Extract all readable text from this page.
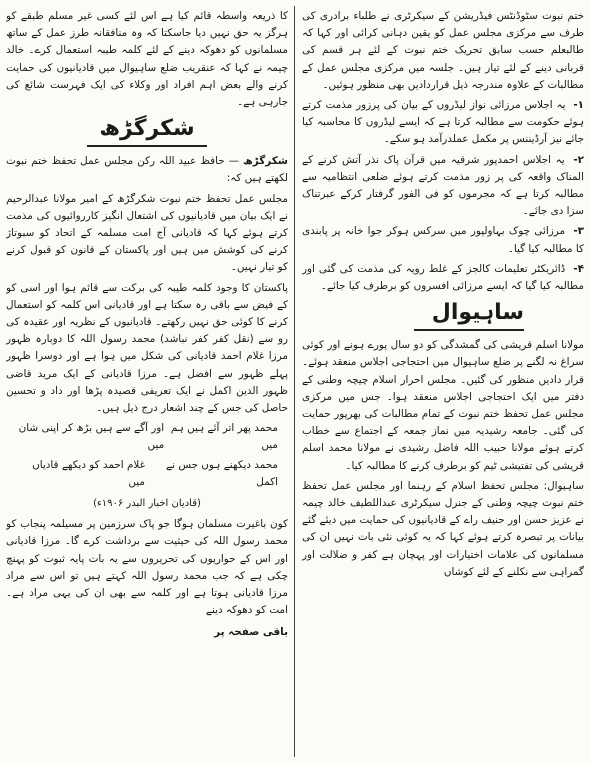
ختم نبوت سٹوڈنٹس فیڈریشن کے سیکرٹری نے طلباء برادری کی طرف سے مرکزی مجلس عمل کو یقین دہانی کرائی اور کہا کہ طالبعلم حسب سابق تحریک ختم نبوت کے لئے ہر قسم کی قربانی دینے کے لئے تیار ہیں۔ جلسہ میں مرکزی مجلس عمل کے مطالبات کے علاوہ مندرجہ ذیل قراردادیں بھی منظور ہوئیں۔

۱- یہ اجلاس مرزائی نواز لیڈروں کے بیان کی پرزور مذمت کرتے ہوئے حکومت سے مطالبہ کرتا ہے کہ ایسے لیڈروں کا محاسبہ کیا جائے نیز آرڈیننس پر مکمل عملدرآمد ہو سکے۔
۲- یہ اجلاس احمدپور شرقیہ میں قرآن پاک نذر آتش کرنے کے المناک واقعہ کی پر زور مذمت کرتے ہوئے ضلعی انتظامیہ سے مطالبہ کرتا ہے کہ مجرموں کو فی الفور گرفتار کرکے عبرتناک سزا دی جائے۔
۳- مرزائی چوک بہاولپور میں سرکس ہوکر جوا خانہ پر پابندی کا مطالبہ کیا گیا۔
۴- ڈائریکٹر تعلیمات کالجز کے غلط رویہ کی مذمت کی گئی اور مطالبہ کیا گیا کہ ایسے مرزائی افسروں کو برطرف کیا جائے۔
ساہیوال

مولانا اسلم قریشی کی گمشدگی کو دو سال پورے ہونے اور کوئی سراغ نہ لگنے پر ضلع ساہیوال میں احتجاجی اجلاس منعقد ہوئے۔ قرار دادیں منظور کی گئیں۔ مجلس احرار اسلام چیچہ وطنی کے دفتر میں ایک احتجاجی اجلاس منعقد ہوا۔ جس میں مرکزی مجلس عمل تحفظ ختم نبوت کے تمام مطالبات کی بھرپور حمایت کی گئی۔ جامعہ رشیدیہ میں نماز جمعہ کے اجتماع سے خطاب کرتے ہوئے مولانا حبیب اللہ فاضل رشیدی نے مولانا محمد اسلم قریشی کی تفتیشی ٹیم کو برطرف کرنے کا مطالبہ کیا۔

ساہیوال: مجلس تحفظ اسلام کے رہنما اور مجلس عمل تحفظ ختم نبوت چیچہ وطنی کے جنرل سیکرٹری عبداللطیف خالد چیمہ نے عزیز حسن اور حنیف راے کے قادیانیوں کی حمایت میں دیئے گئے بیانات پر تبصرہ کرتے ہوئے کہا کہ یہ کوئی نئی بات نہیں ان کی مسلمانوں کی علامات اختیارات اور پہچان ہے کفر و ضلالت اور گمراہی سے نکلنے کے لئے کوشاں

کا ذریعہ واسطہ قائم کیا ہے اس لئے کسی غیر مسلم طبقے کو ہرگز یہ حق نہیں دیا جاسکتا کہ وہ منافقانہ طرز عمل کے ساتھ مسلمانوں کو دھوکہ دینے کے لئے کلمہ طیبہ استعمال کرے۔ خالد چیمہ نے کہا کہ عنقریب ضلع ساہیوال میں قادیانیوں کی حمایت کرنے والے بعض اہم افراد اور وکلاء کی ایک فہرست شائع کی جارہی ہے۔

شکرگڑھ

شکرگڑھ — حافظ عبید اللہ رکن مجلس عمل تحفظ ختم نبوت لکھتے ہیں کہ:

مجلس عمل تحفظ ختم نبوت شکرگڑھ کے امیر مولانا عبدالرحیم نے ایک بیان میں قادیانیوں کی اشتعال انگیز کارروائیوں کی مذمت کرتے ہوئے کہا کہ قادیانی آج امت مسلمہ کے اتحاد کو سبوتاژ کرنے کی کوشش میں ہیں اور پاکستان کے قانون کو قبول کرنے کو تیار نہیں۔

پاکستان کا وجود کلمہ طیبہ کی برکت سے قائم ہوا اور اسی کو کے فیض سے باقی رہ سکتا ہے اور قادیانی اس کلمہ کو استعمال کرنے کا کوئی حق نہیں رکھتے۔ قادیانیوں کے نظریہ اور عقیدہ کی رو سے (نقل کفر کفر نباشد) محمد رسول اللہ کا دوبارہ ظہور مرزا غلام احمد قادیانی کی شکل میں ہوا ہے اور دوسرا ظہور پہلے ظہور سے افضل ہے۔ مرزا قادیانی کے ایک مرید قاضی ظہور الدین اکمل نے ایک تعریفی قصیدہ پڑھا اور داد و تحسین حاصل کی جس کے چند اشعار درج ذیل ہیں۔

محمد پھر اتر آئے ہیں ہم میں
اور آگے سے ہیں بڑھ کر اپنی شان میں
محمد دیکھنے ہوں جس نے اکمل
غلام احمد کو دیکھے قادیاں میں
(قادیان اخبار البدر ۱۹۰۶ء)

کون باغیرت مسلمان ہوگا جو پاک سرزمین پر مسیلمہ پنجاب کو محمد رسول اللہ کی حیثیت سے برداشت کرے گا۔ مرزا قادیانی اور اس کے حواریوں کی تحریروں سے یہ بات پایہ ثبوت کو پہنچ چکی ہے کہ جب محمد رسول اللہ کہتے ہیں تو اس سے مراد مرزا قادیانی ہوتا ہے اور کلمہ سے بھی ان کی یہی مراد ہے۔ امت کو دھوکہ دینے

باقی صفحہ پر
